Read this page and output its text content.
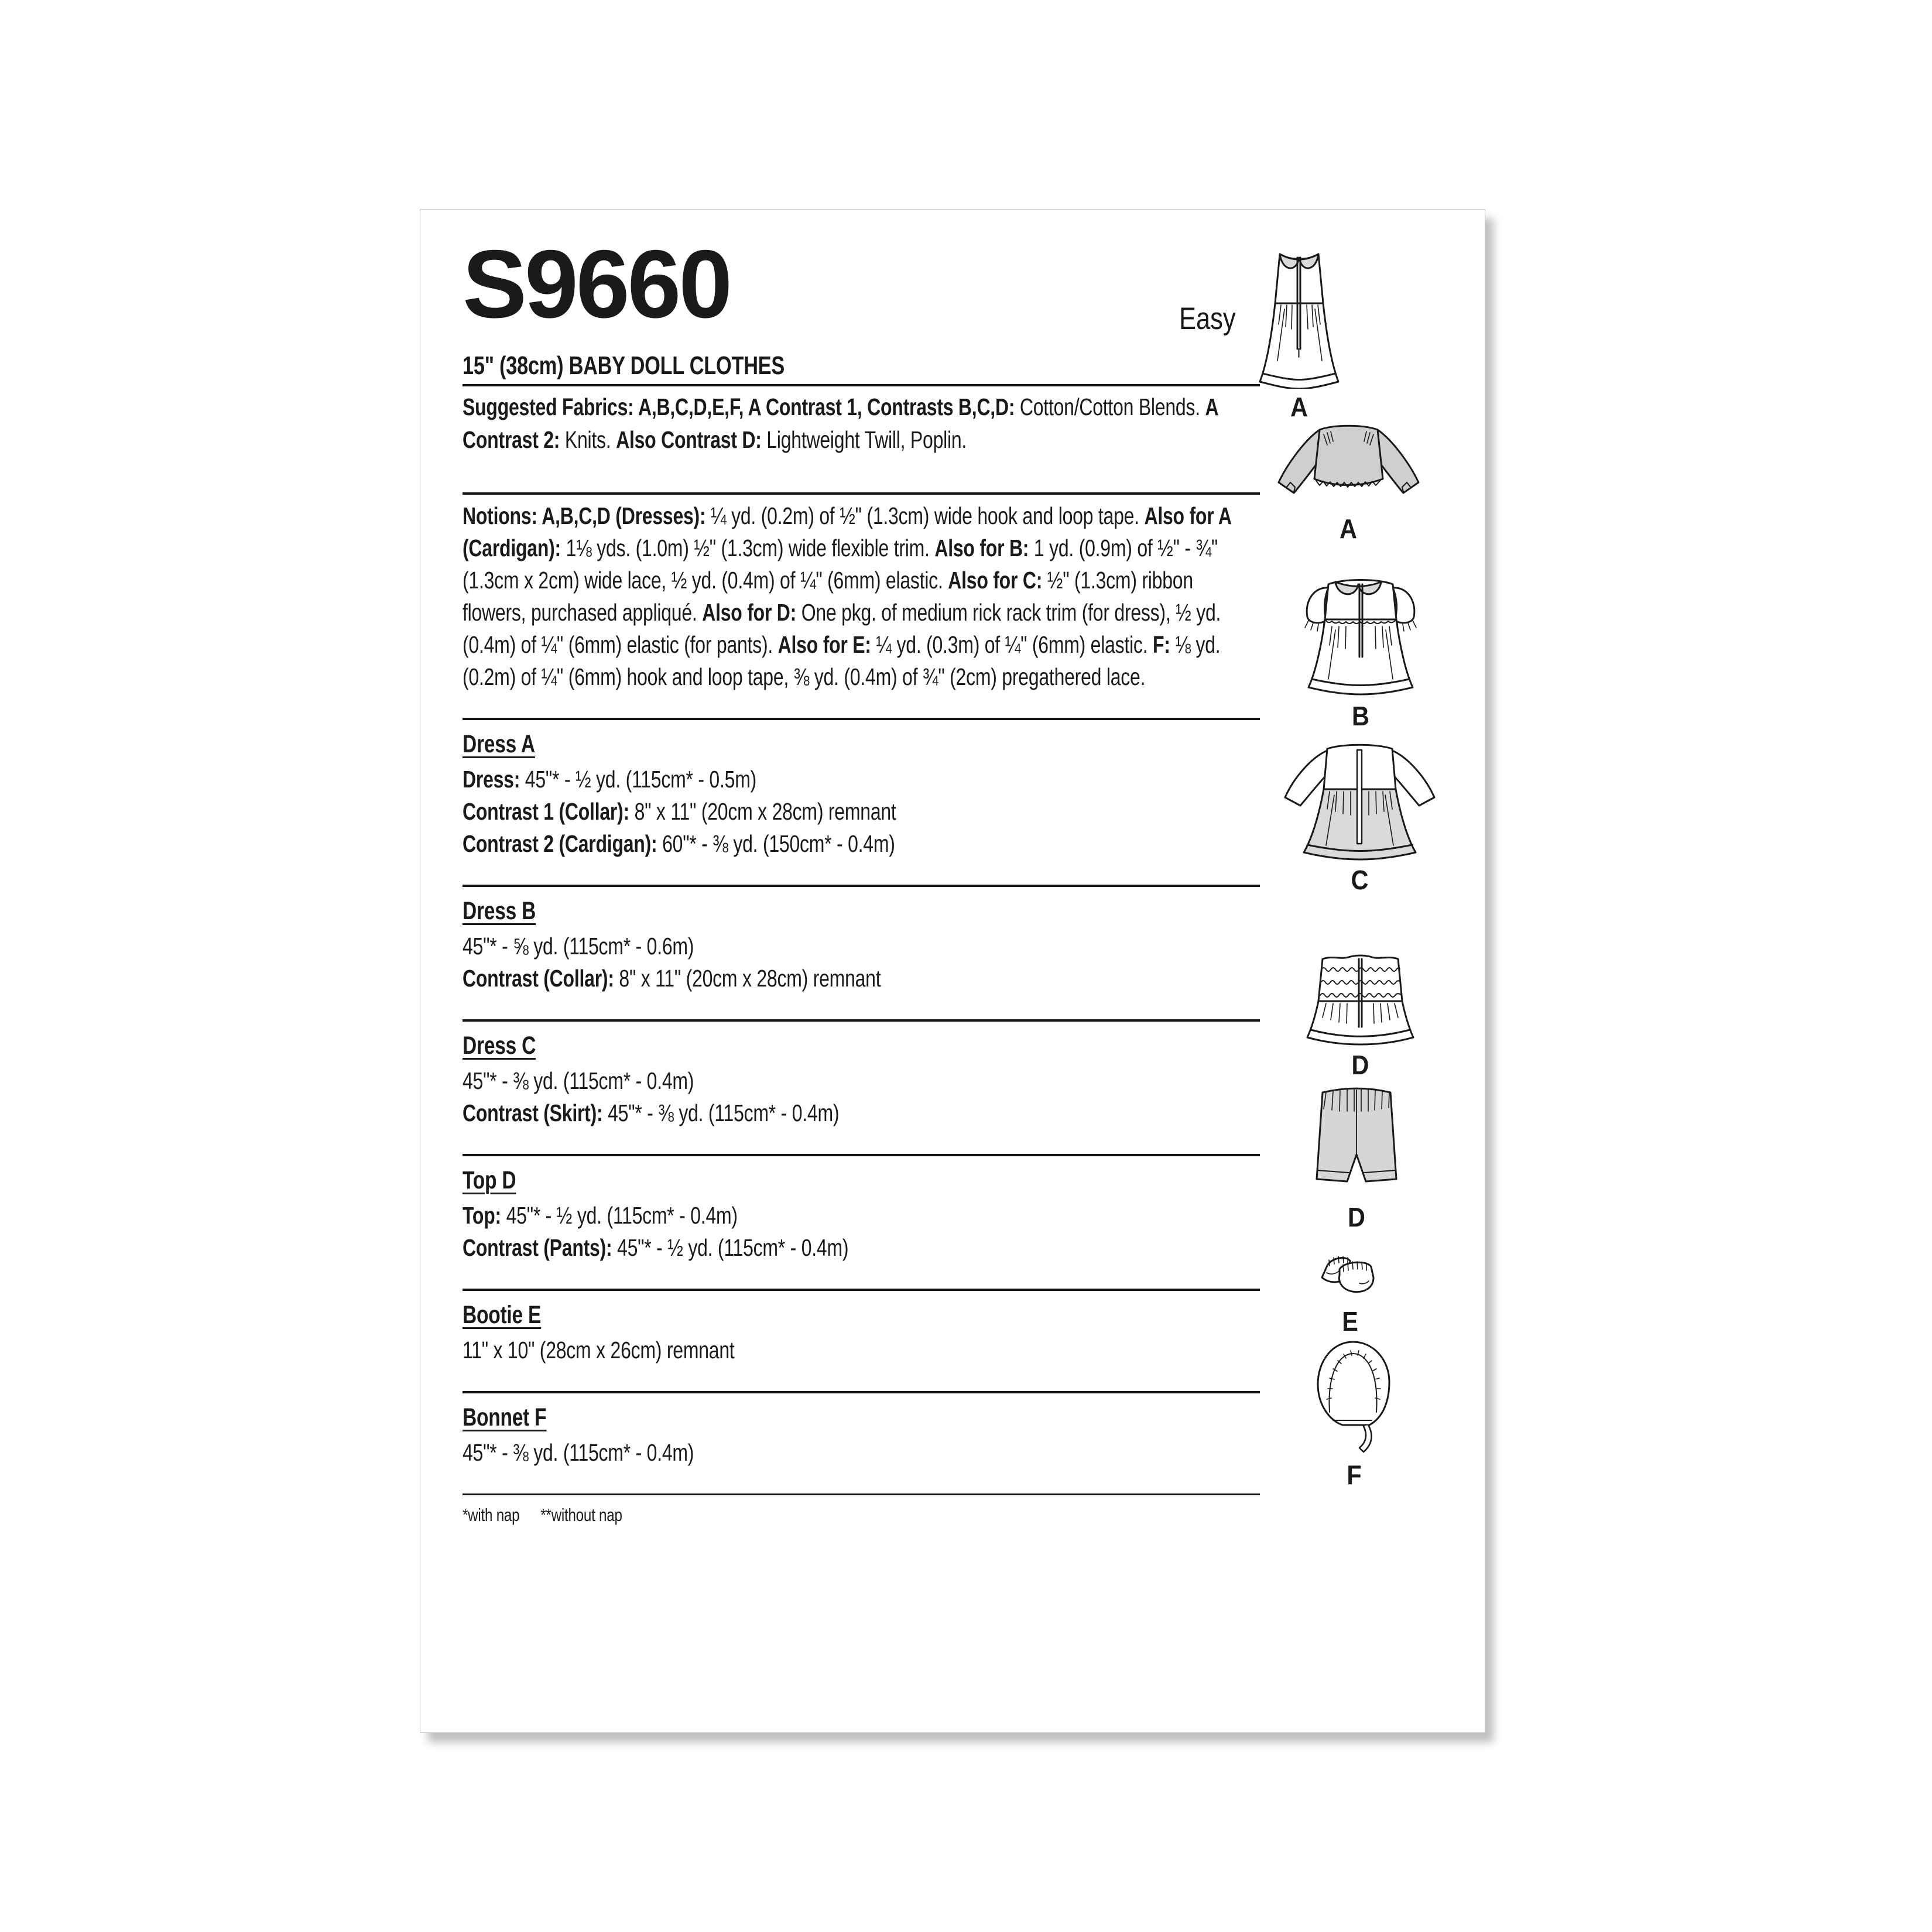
S9660
15" (38cm) BABY DOLL CLOTHES
Suggested Fabrics: A,B,C,D,E,F, A Contrast 1, Contrasts B,C,D: Cotton/Cotton Blends. A Contrast 2: Knits. Also Contrast D: Lightweight Twill, Poplin.
Notions: A,B,C,D (Dresses): ¼ yd. (0.2m) of ½" (1.3cm) wide hook and loop tape. Also for A (Cardigan): 1⅛ yds. (1.0m) ½" (1.3cm) wide flexible trim. Also for B: 1 yd. (0.9m) of ½" - ¾" (1.3cm x 2cm) wide lace, ½ yd. (0.4m) of ¼" (6mm) elastic. Also for C: ½" (1.3cm) ribbon flowers, purchased appliqué. Also for D: One pkg. of medium rick rack trim (for dress), ½ yd. (0.4m) of ¼" (6mm) elastic (for pants). Also for E: ¼ yd. (0.3m) of ¼" (6mm) elastic. F: ⅛ yd. (0.2m) of ¼" (6mm) hook and loop tape, ⅜ yd. (0.4m) of ¾" (2cm) pregathered lace.
Dress A
Dress: 45"* - ½ yd. (115cm* - 0.5m)
Contrast 1 (Collar): 8" x 11" (20cm x 28cm) remnant
Contrast 2 (Cardigan): 60"* - ⅜ yd. (150cm* - 0.4m)
Dress B
45"* - ⅝ yd. (115cm* - 0.6m)
Contrast (Collar): 8" x 11" (20cm x 28cm) remnant
Dress C
45"* - ⅜ yd. (115cm* - 0.4m)
Contrast (Skirt): 45"* - ⅜ yd. (115cm* - 0.4m)
Top D
Top: 45"* - ½ yd. (115cm* - 0.4m)
Contrast (Pants): 45"* - ½ yd. (115cm* - 0.4m)
Bootie E
11" x 10" (28cm x 26cm) remnant
Bonnet F
45"* - ⅜ yd. (115cm* - 0.4m)
*with nap **without nap
Easy
A
A
B
C
D
D
E
F
